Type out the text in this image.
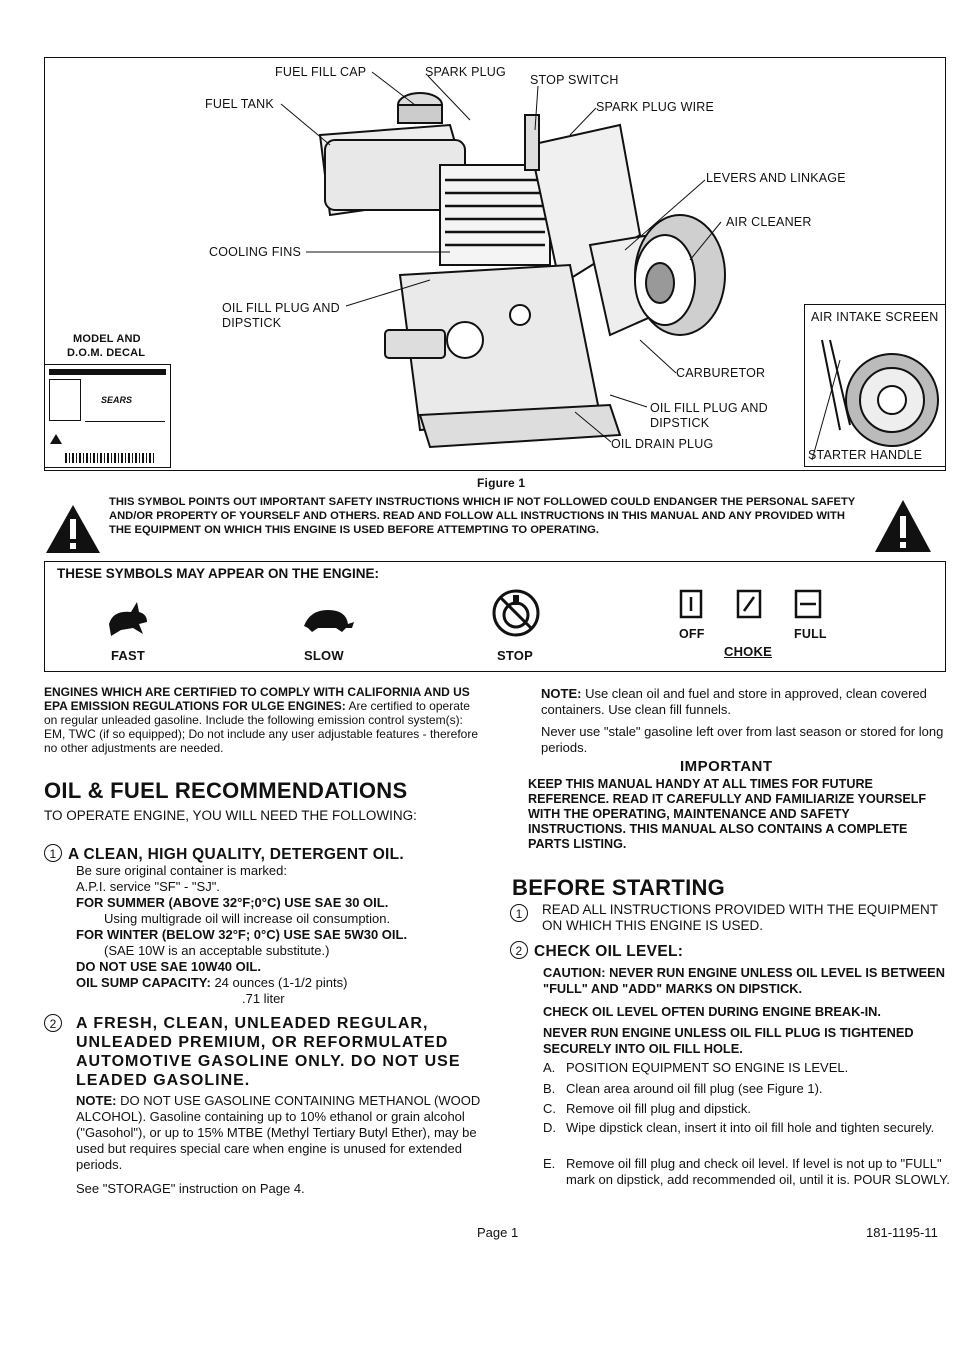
FUEL FILL CAP	SPARK PLUG
STOP SWITCH
FUEL TANK	SPARK PLUG WIRE
LEVERS AND LINKAGE
AIR CLEANER
COOLING FINS
OIL FILL PLUG AND
DIPSTICK
MODEL AND
D.O.M. DECAL
CARBURETOR
OIL FILL PLUG AND
DIPSTICK
OIL DRAIN PLUG
SEARS
AIR INTAKE SCREEN
STARTER HANDLE
Figure 1
THIS SYMBOL POINTS OUT IMPORTANT SAFETY INSTRUCTIONS WHICH IF NOT FOLLOWED COULD ENDANGER THE PERSONAL SAFETY AND/OR PROPERTY OF YOURSELF AND OTHERS. READ AND FOLLOW ALL INSTRUCTIONS IN THIS MANUAL AND ANY PROVIDED WITH THE EQUIPMENT ON WHICH THIS ENGINE IS USED BEFORE ATTEMPTING TO OPERATING.
THESE SYMBOLS MAY APPEAR ON THE ENGINE:
FAST	SLOW	STOP
OFF	FULL
CHOKE
ENGINES WHICH ARE CERTIFIED TO COMPLY WITH CALIFORNIA AND US EPA EMISSION REGULATIONS FOR ULGE ENGINES: Are certified to operate on regular unleaded gasoline. Include the following emission control system(s): EM, TWC (if so equipped); Do not include any user adjustable features - therefore no other adjustments are needed.
OIL & FUEL RECOMMENDATIONS
TO OPERATE ENGINE, YOU WILL NEED THE FOLLOWING:
1 A CLEAN, HIGH QUALITY, DETERGENT OIL.
Be sure original container is marked:
A.P.I. service "SF" - "SJ".
FOR SUMMER (ABOVE 32°F;0°C) USE SAE 30 OIL.
Using multigrade oil will increase oil consumption.
FOR WINTER (BELOW 32°F; 0°C) USE SAE 5W30 OIL.
(SAE 10W is an acceptable substitute.)
DO NOT USE SAE 10W40 OIL.
OIL SUMP CAPACITY: 24 ounces (1-1/2 pints)
.71 liter
2	A FRESH, CLEAN, UNLEADED REGULAR, UNLEADED PREMIUM, OR REFORMULATED AUTOMOTIVE GASOLINE ONLY. DO NOT USE LEADED GASOLINE.
NOTE: DO NOT USE GASOLINE CONTAINING METHANOL (WOOD ALCOHOL). Gasoline containing up to 10% ethanol or grain alcohol ("Gasohol"), or up to 15% MTBE (Methyl Tertiary Butyl Ether), may be used but requires special care when engine is unused for extended periods.
See "STORAGE" instruction on Page 4.
NOTE: Use clean oil and fuel and store in approved, clean covered containers. Use clean fill funnels.
Never use "stale" gasoline left over from last season or stored for long periods.
IMPORTANT
KEEP THIS MANUAL HANDY AT ALL TIMES FOR FUTURE REFERENCE. READ IT CAREFULLY AND FAMILIARIZE YOURSELF WITH THE OPERATING, MAINTENANCE AND SAFETY INSTRUCTIONS. THIS MANUAL ALSO CONTAINS A COMPLETE PARTS LISTING.
BEFORE STARTING
1	READ ALL INSTRUCTIONS PROVIDED WITH THE EQUIPMENT ON WHICH THIS ENGINE IS USED.
2 CHECK OIL LEVEL:
CAUTION: NEVER RUN ENGINE UNLESS OIL LEVEL IS BETWEEN "FULL" AND "ADD" MARKS ON DIPSTICK.
CHECK OIL LEVEL OFTEN DURING ENGINE BREAK-IN.
NEVER RUN ENGINE UNLESS OIL FILL PLUG IS TIGHTENED SECURELY INTO OIL FILL HOLE.
A. POSITION EQUIPMENT SO ENGINE IS LEVEL.
B. Clean area around oil fill plug (see Figure 1).
C. Remove oil fill plug and dipstick.
D. Wipe dipstick clean, insert it into oil fill hole and tighten securely.
E. Remove oil fill plug and check oil level. If level is not up to "FULL" mark on dipstick, add recommended oil, until it is. POUR SLOWLY.
Page 1	181-1195-11
